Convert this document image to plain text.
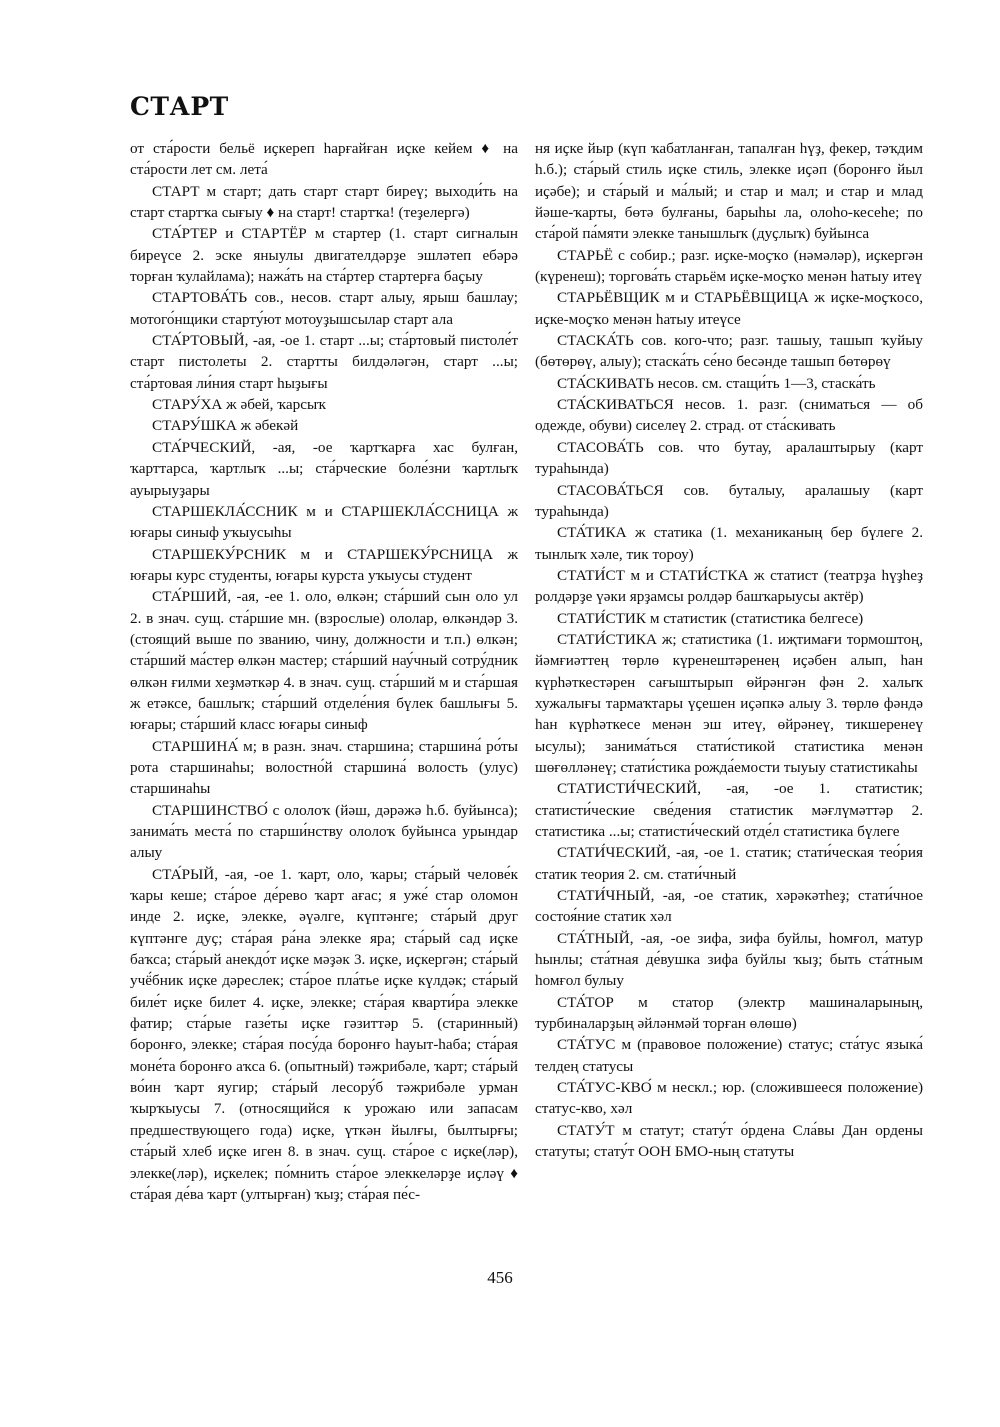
СТАРТ

от ста́рости бельё иҫкереп һарғайған иҫке кейем ♦ на ста́рости лет см. лета́

СТАРТ м старт; дать старт старт биреү; выходи́ть на старт стартҡа сығыу ♦ на старт! стартҡа! (теҙелергә)

СТА́РТЕР и СТАРТЁР м стартер (1. старт сигналын биреүсе 2. эске яныулы двигателдәрҙе эшләтеп ебәрә торған ҡулайлама); нажа́ть на ста́ртер стартерға баҫыу

СТАРТОВА́ТЬ сов., несов. старт алыу, ярыш башлау; мотого́нщики старту́ют мотоуҙышсылар старт ала

СТА́РТОВЫЙ, -ая, -ое 1. старт ...ы; ста́ртовый пистоле́т старт пистолеты 2. стартты билдәләгән, старт ...ы; ста́ртовая ли́ния старт һыҙығы

СТАРУ́ХА ж әбей, ҡарсыҡ

СТАРУ́ШКА ж әбекәй

СТА́РЧЕСКИЙ, -ая, -ое ҡартҡарға хас булған, ҡарттарса, ҡартлыҡ ...ы; ста́рческие боле́зни ҡартлыҡ ауырыуҙары

СТАРШЕКЛА́ССНИК м и СТАРШЕКЛА́ССНИЦА ж юғары синыф уҡыусыһы

СТАРШЕКУ́РСНИК м и СТАРШЕКУ́РСНИЦА ж юғары курс студенты, юғары курста уҡыусы студент

СТА́РШИЙ, -ая, -ее 1. оло, өлкән; ста́рший сын оло ул 2. в знач. сущ. ста́ршие мн. (взрослые) ололар, өлкәндәр 3. (стоящий выше по званию, чину, должности и т.п.) өлкән; ста́рший ма́стер өлкән мастер; ста́рший нау́чный сотру́дник өлкән ғилми хеҙмәткәр 4. в знач. сущ. ста́рший м и ста́ршая ж етәксе, башлыҡ; ста́рший отделе́ния бүлек башлығы 5. юғары; ста́рший класс юғары синыф

СТАРШИНА́ м; в разн. знач. старшина; старшина́ ро́ты рота старшинаһы; волостно́й старшина́ волость (улус) старшинаһы

СТАРШИНСТВО́ с ололоҡ (йәш, дәрәжә һ.б. буйынса); занима́ть места́ по старши́нству ололоҡ буйынса урындар алыу

СТА́РЫЙ, -ая, -ое 1. ҡарт, оло, ҡары; ста́рый челове́к ҡары кеше; ста́рое де́рево ҡарт ағас; я уже́ стар оломон инде 2. иҫке, элекке, әүәлге, күптәнге; ста́рый друг күптәнге дуҫ; ста́рая ра́на элекке яра; ста́рый сад иҫке баҡса; ста́рый анекдо́т иҫке мәҙәк 3. иҫке, иҫкергән; ста́рый учё́бник иҫке дәреслек; ста́рое пла́тье иҫке күлдәк; ста́рый биле́т иҫке билет 4. иҫке, элекке; ста́рая кварти́ра элекке фатир; ста́рые газе́ты иҫке гәзиттәр 5. (старинный) боронғо, элекке; ста́рая посу́да боронғо һауыт-һаба; ста́рая моне́та боронғо аҡса 6. (опытный) тәжрибәле, ҡарт; ста́рый во́ин ҡарт яугир; ста́рый лесору́б тәжрибәле урман ҡырҡыусы 7. (относящийся к урожаю или запасам предшествующего года) иҫке, үткән йылғы, былтырғы; ста́рый хлеб иҫке иген 8. в знач. сущ. ста́рое с иҫке(ләр), элекке(ләр), иҫкелек; по́мнить ста́рое элеккеләрҙе иҫләү ♦ ста́рая де́ва ҡарт (ултырған) ҡыҙ; ста́рая пе́с-

ня иҫке йыр (күп ҡабатланған, тапалған һүҙ, фекер, тәҡдим һ.б.); ста́рый стиль иҫке стиль, элекке иҫәп (боронғо йыл иҫәбе); и ста́рый и ма́лый; и стар и мал; и стар и млад йәше-ҡарты, бөтә булғаны, барыһы ла, олоһо-кесеһе; по ста́рой па́мяти элекке танышлыҡ (дуҫлыҡ) буйынса

СТАРЬЁ с собир.; разг. иҫке-моҫҡо (нәмәләр), иҫкергән (күренеш); торгова́ть старьём иҫке-моҫҡо менән һатыу итеү

СТАРЬЁВЩИК м и СТАРЬЁВЩИЦА ж иҫке-моҫҡосо, иҫке-моҫҡо менән һатыу итеүсе

СТАСКА́ТЬ сов. кого-что; разг. ташыу, ташып ҡуйыу (бөтөрөү, алыу); стаска́ть се́но бесәнде ташып бөтөрөү

СТА́СКИВАТЬ несов. см. стащи́ть 1—3, стаска́ть

СТА́СКИВАТЬСЯ несов. 1. разг. (сниматься — об одежде, обуви) сиселеү 2. страд. от ста́скивать

СТАСОВА́ТЬ сов. что бутау, аралаштырыу (карт тураһында)

СТАСОВА́ТЬСЯ сов. буталыу, аралашыу (карт тураһында)

СТА́ТИКА ж статика (1. механиканың бер бүлеге 2. тынлыҡ хәле, тик тороу)

СТАТИ́СТ м и СТАТИ́СТКА ж статист (театрҙа һүҙһеҙ ролдәрҙе үәки ярҙамсы ролдәр башҡарыусы актёр)

СТАТИ́СТИК м статистик (статистика белгесе)

СТАТИ́СТИКА ж; статистика (1. иҗтимағи тормоштоң, йәмғиәттең төрлө күренештәренең иҫәбен алып, һан күрһәткестәрен сағыштырып өйрәнгән фән 2. халыҡ хужалығы тармаҡтары үҫешен иҫәпкә алыу 3. төрлө фәндә һан күрһәткесе менән эш итеү, өйрәнеү, тикшеренеү ысулы); занима́ться стати́стикой статистика менән шөғөлләнеү; стати́стика рожда́емости тыуыу статистикаһы

СТАТИСТИ́ЧЕСКИЙ, -ая, -ое 1. статистик; статисти́ческие све́дения статистик мәғлүмәттәр 2. статистика ...ы; статисти́ческий отде́л статистика бүлеге

СТАТИ́ЧЕСКИЙ, -ая, -ое 1. статик; стати́ческая тео́рия статик теория 2. см. стати́чный

СТАТИ́ЧНЫЙ, -ая, -ое статик, хәрәкәтһеҙ; стати́чное состоя́ние статик хәл

СТА́ТНЫЙ, -ая, -ое зифа, зифа буйлы, һомғол, матур һынлы; ста́тная де́вушка зифа буйлы ҡыҙ; быть ста́тным һомғол булыу

СТА́ТОР м статор (электр машиналарының, турбиналарҙың әйләнмәй торған өлөшө)

СТА́ТУС м (правовое положение) статус; ста́тус языка́ телдең статусы

СТА́ТУС-КВО́ м нескл.; юр. (сложившееся положение) статус-кво, хәл

СТАТУ́Т м статут; стату́т о́рдена Сла́вы Дан ордены статуты; стату́т ООН БМО-ның статуты

456
